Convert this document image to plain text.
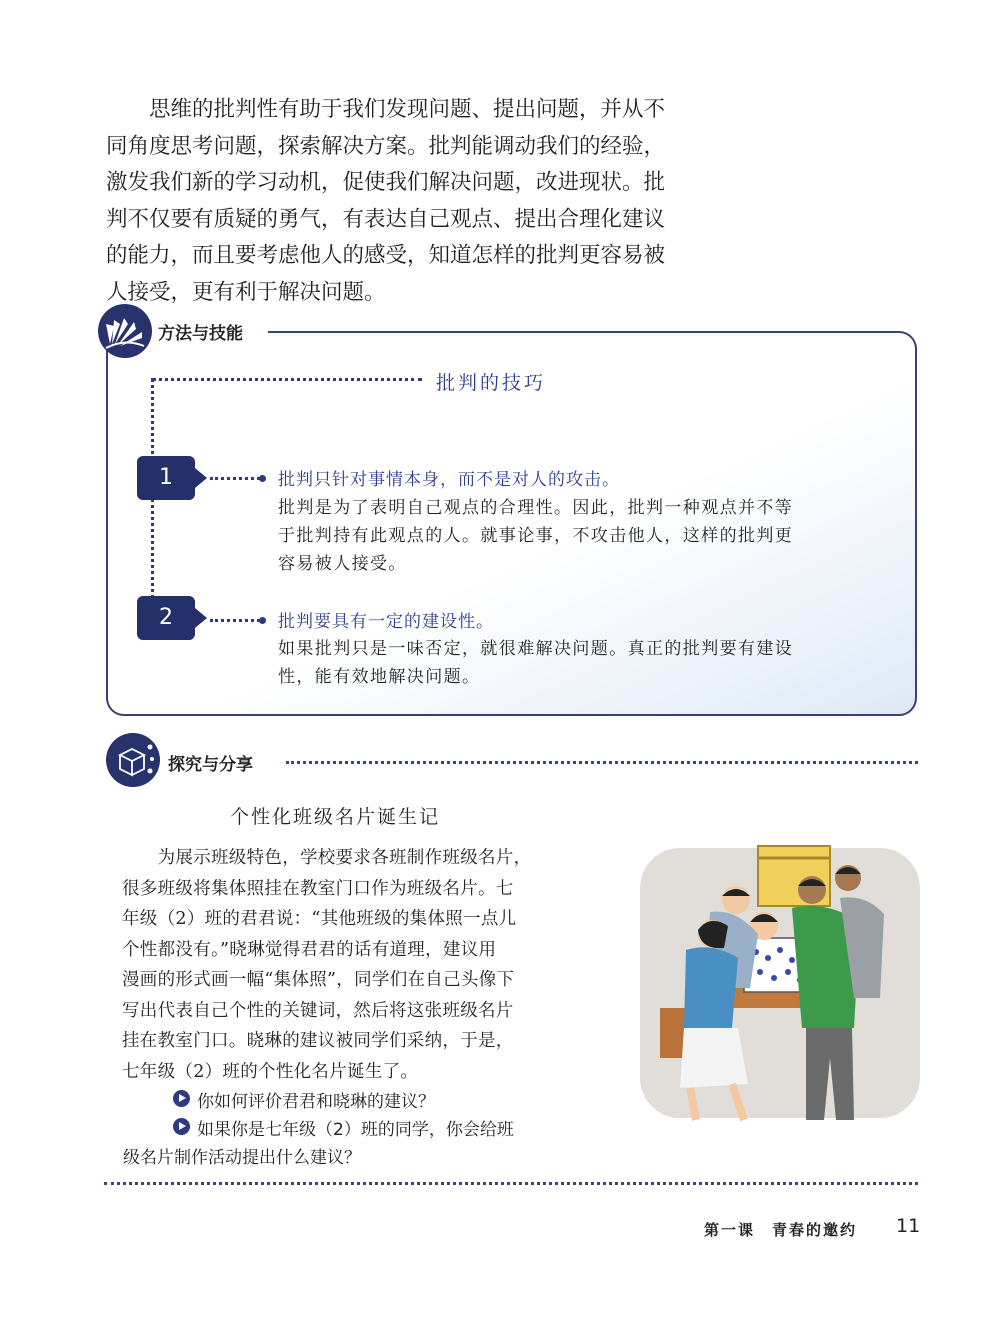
　　思维的批判性有助于我们发现问题、提出问题，并从不
同角度思考问题，探索解决方案。批判能调动我们的经验，
激发我们新的学习动机，促使我们解决问题，改进现状。批
判不仅要有质疑的勇气，有表达自己观点、提出合理化建议
的能力，而且要考虑他人的感受，知道怎样的批判更容易被
人接受，更有利于解决问题。
方法与技能
批判的技巧
1	批判只针对事情本身，而不是对人的攻击。
批判是为了表明自己观点的合理性。因此，批判一种观点并不等
于批判持有此观点的人。就事论事，不攻击他人，这样的批判更
容易被人接受。
2	批判要具有一定的建设性。
如果批判只是一味否定，就很难解决问题。真正的批判要有建设
性，能有效地解决问题。
探究与分享
个性化班级名片诞生记
　　为展示班级特色，学校要求各班制作班级名片，
很多班级将集体照挂在教室门口作为班级名片。七
年级（2）班的君君说：“其他班级的集体照一点儿
个性都没有。”晓琳觉得君君的话有道理，建议用
漫画的形式画一幅“集体照”，同学们在自己头像下
写出代表自己个性的关键词，然后将这张班级名片
挂在教室门口。晓琳的建议被同学们采纳，于是，
七年级（2）班的个性化名片诞生了。
你如何评价君君和晓琳的建议？
如果你是七年级（2）班的同学，你会给班
级名片制作活动提出什么建议？
第一课　青春的邀约 11
